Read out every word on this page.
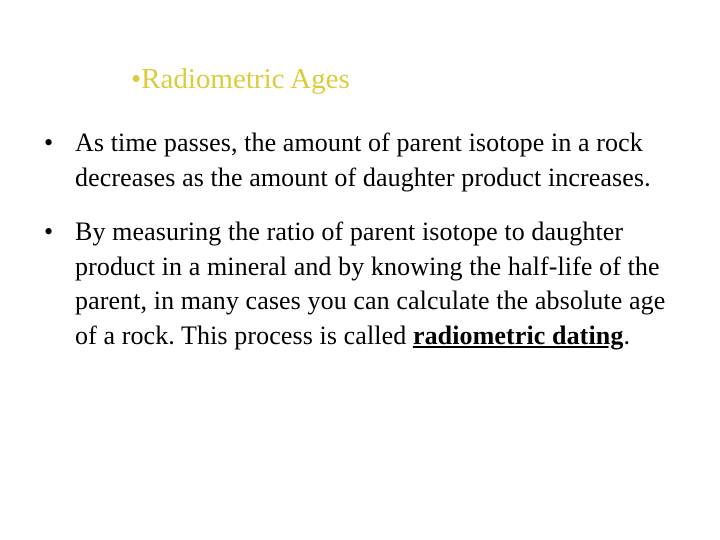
•Radiometric Ages
• As time passes, the amount of parent isotope in a rock decreases as the amount of daughter product increases.
• By measuring the ratio of parent isotope to daughter product in a mineral and by knowing the half-life of the parent, in many cases you can calculate the absolute age of a rock. This process is called radiometric dating.
